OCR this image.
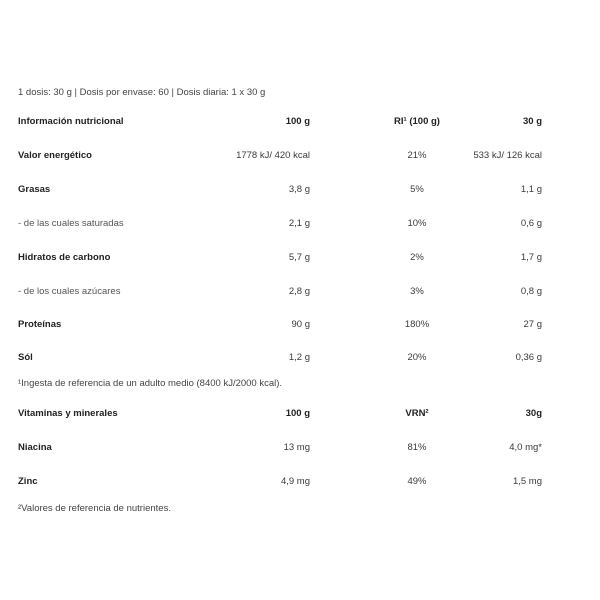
1 dosis: 30 g | Dosis por envase: 60 | Dosis diaria: 1 x 30 g
Información nutricional	100 g	RI¹ (100 g)	30 g
Valor energético	1778 kJ/ 420 kcal	21%	533 kJ/ 126 kcal
Grasas	3,8 g	5%	1,1 g
- de las cuales saturadas	2,1 g	10%	0,6 g
Hidratos de carbono	5,7 g	2%	1,7 g
- de los cuales azúcares	2,8 g	3%	0,8 g
Proteínas	90 g	180%	27 g
Sól	1,2 g	20%	0,36 g
¹Ingesta de referencia de un adulto medio (8400 kJ/2000 kcal).
Vitaminas y minerales	100 g	VRN²	30g
Niacina	13 mg	81%	4,0 mg*
Zinc	4,9 mg	49%	1,5 mg
²Valores de referencia de nutrientes.
